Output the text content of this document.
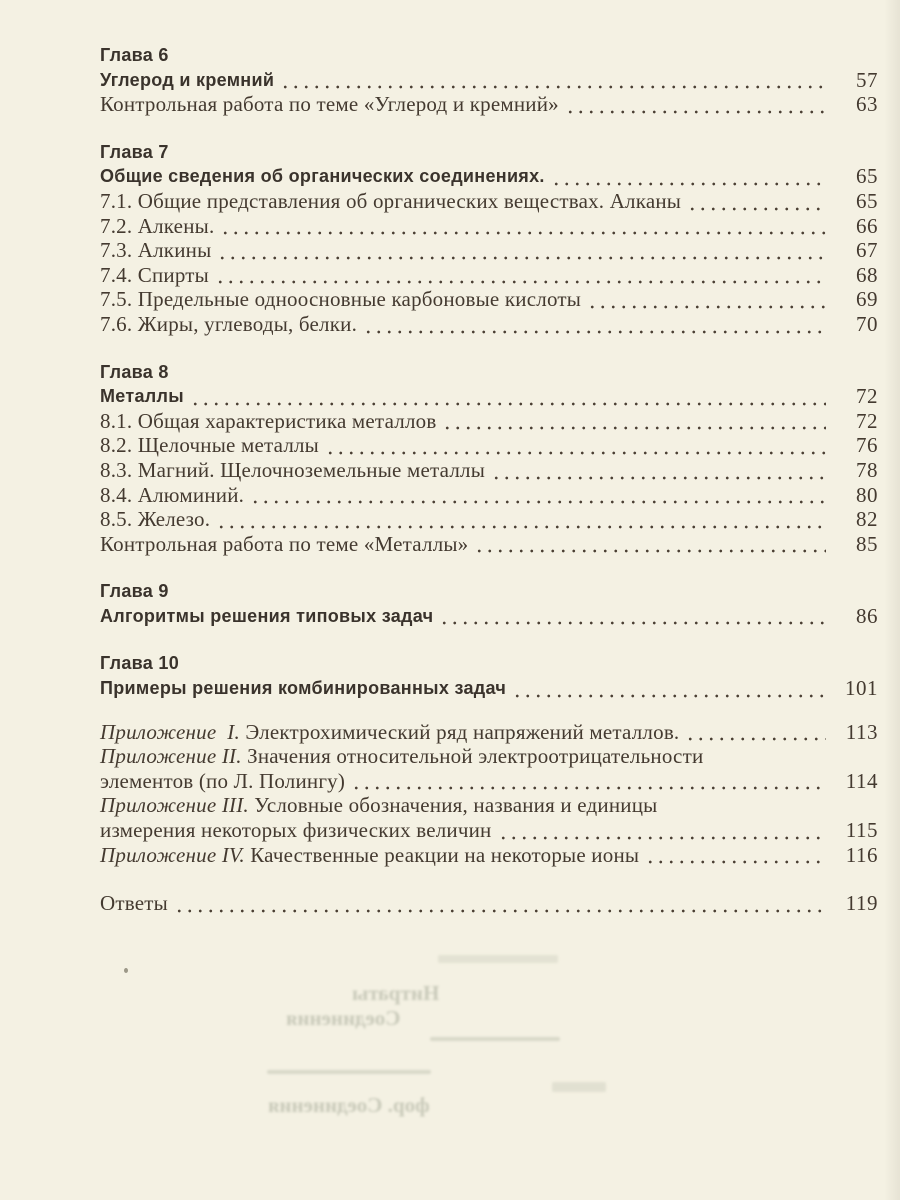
Глава 6
Углерод и кремний	57
Контрольная работа по теме «Углерод и кремний»	63
Глава 7
Общие сведения об органических соединениях.	65
7.1. Общие представления об органических веществах. Алканы	65
7.2. Алкены.	66
7.3. Алкины	67
7.4. Спирты	68
7.5. Предельные одноосновные карбоновые кислоты	69
7.6. Жиры, углеводы, белки.	70
Глава 8
Металлы	72
8.1. Общая характеристика металлов	72
8.2. Щелочные металлы	76
8.3. Магний. Щелочноземельные металлы	78
8.4. Алюминий.	80
8.5. Железо.	82
Контрольная работа по теме «Металлы»	85
Глава 9
Алгоритмы решения типовых задач	86
Глава 10
Примеры решения комбинированных задач	101
Приложение  I. Электрохимический ряд напряжений металлов.	113
Приложение II. Значения относительной электроотрицательности
элементов (по Л. Полингу)	114
Приложение III. Условные обозначения, названия и единицы
измерения некоторых физических величин	115
Приложение IV. Качественные реакции на некоторые ионы	116
Ответы	119
Нитраты
Соединения
фор. Соединения
